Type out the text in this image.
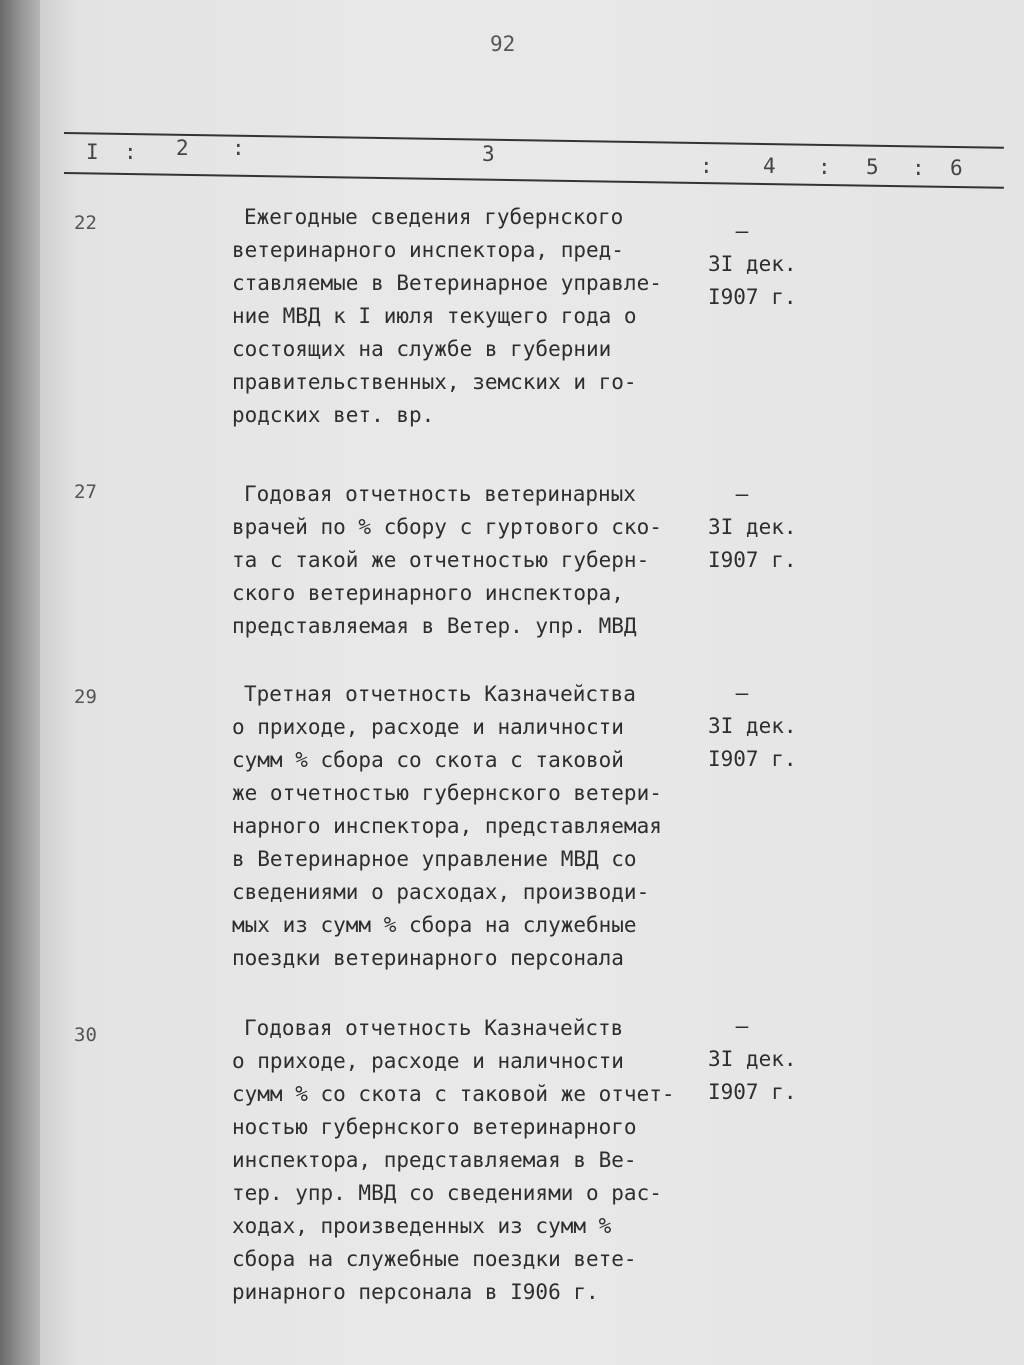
92
I : 2 :	3	: 4 : 5 : 6
22	Ежегодные сведения губернского
ветеринарного инспектора, пред-
ставляемые в Ветеринарное управле-
ние МВД к I июля текущего года о
состоящих на службе в губернии
правительственных, земских и го-
родских вет. вр.
–
3I дек.
I907 г.
27	Годовая отчетность ветеринарных
врачей по % сбору с гуртового ско-
та с такой же отчетностью губерн-
ского ветеринарного инспектора,
представляемая в Ветер. упр. МВД
–
3I дек.
I907 г.
29	Третная отчетность Казначейства
о приходе, расходе и наличности
сумм % сбора со скота с таковой
же отчетностью губернского ветери-
нарного инспектора, представляемая
в Ветеринарное управление МВД со
сведениями о расходах, производи-
мых из сумм % сбора на служебные
поездки ветеринарного персонала
–
3I дек.
I907 г.
30	Годовая отчетность Казначейств
о приходе, расходе и наличности
сумм % со скота с таковой же отчет-
ностью губернского ветеринарного
инспектора, представляемая в Ве-
тер. упр. МВД со сведениями о рас-
ходах, произведенных из сумм %
сбора на служебные поездки вете-
ринарного персонала в I906 г.
–
3I дек.
I907 г.
